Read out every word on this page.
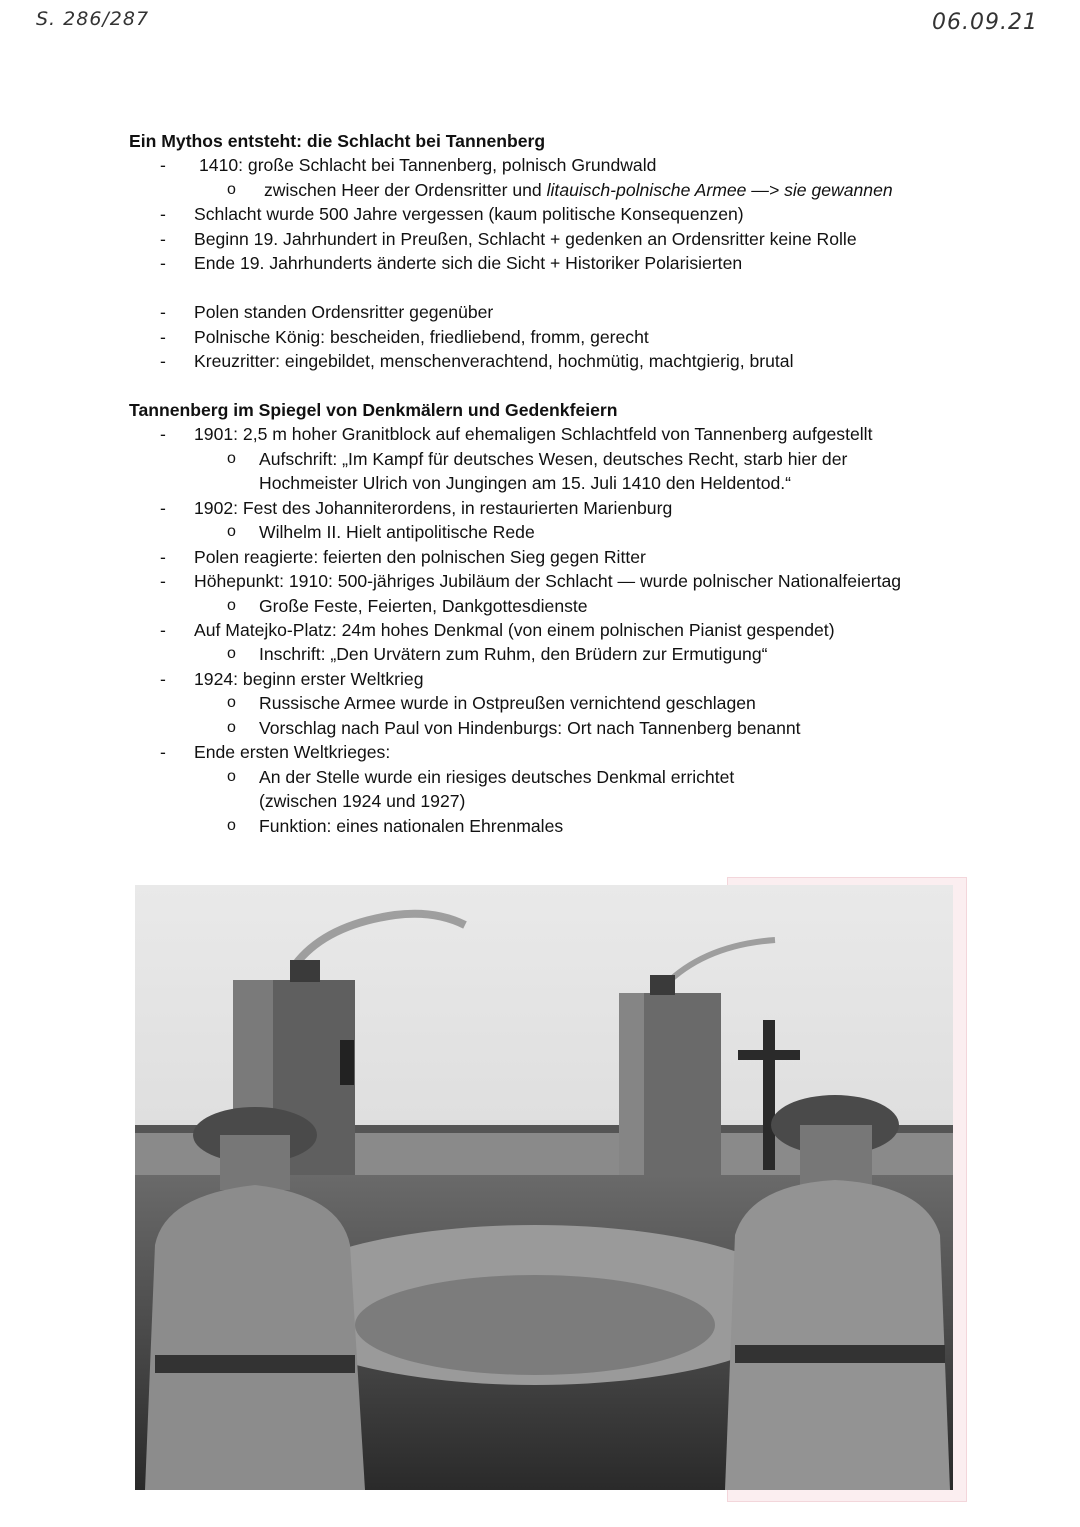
S. 286/287	06.09.21
Ein Mythos entsteht: die Schlacht bei Tannenberg
- 1410: große Schlacht bei Tannenberg, polnisch Grundwald
o zwischen Heer der Ordensritter und litauisch-polnische Armee —> sie gewannen
- Schlacht wurde 500 Jahre vergessen (kaum politische Konsequenzen)
- Beginn 19. Jahrhundert in Preußen, Schlacht + gedenken an Ordensritter keine Rolle
- Ende 19. Jahrhunderts änderte sich die Sicht + Historiker Polarisierten
- Polen standen Ordensritter gegenüber
- Polnische König: bescheiden, friedliebend, fromm, gerecht
- Kreuzritter: eingebildet, menschenverachtend, hochmütig, machtgierig, brutal
Tannenberg im Spiegel von Denkmälern und Gedenkfeiern
- 1901: 2,5 m hoher Granitblock auf ehemaligen Schlachtfeld von Tannenberg aufgestellt
o Aufschrift: „Im Kampf für deutsches Wesen, deutsches Recht, starb hier der
Hochmeister Ulrich von Jungingen am 15. Juli 1410 den Heldentod.“
- 1902: Fest des Johanniterordens, in restaurierten Marienburg
o Wilhelm II. Hielt antipolitische Rede
- Polen reagierte: feierten den polnischen Sieg gegen Ritter
- Höhepunkt: 1910: 500-jähriges Jubiläum der Schlacht — wurde polnischer Nationalfeiertag
o Große Feste, Feierten, Dankgottesdienste
- Auf Matejko-Platz: 24m hohes Denkmal (von einem polnischen Pianist gespendet)
o Inschrift: „Den Urvätern zum Ruhm, den Brüdern zur Ermutigung“
- 1924: beginn erster Weltkrieg
o Russische Armee wurde in Ostpreußen vernichtend geschlagen
o Vorschlag nach Paul von Hindenburgs: Ort nach Tannenberg benannt
- Ende ersten Weltkrieges:
o An der Stelle wurde ein riesiges deutsches Denkmal errichtet
(zwischen 1924 und 1927)
o Funktion: eines nationalen Ehrenmales
